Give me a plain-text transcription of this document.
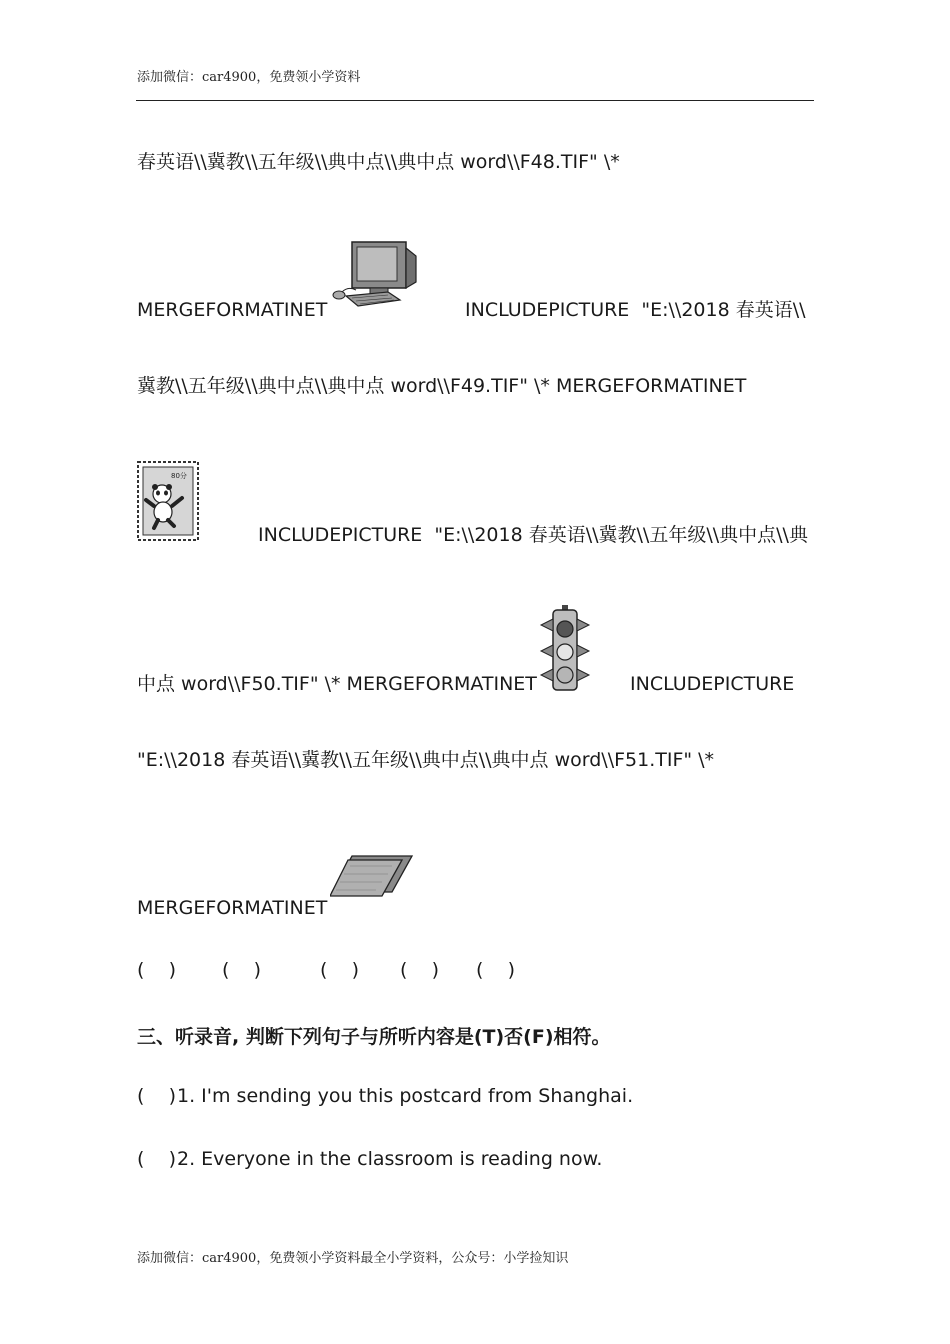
添加微信：car4900，免费领小学资料
春英语\\冀教\\五年级\\典中点\\典中点 word\\F48.TIF" \*
MERGEFORMATINET	INCLUDEPICTURE  "E:\\2018 春英语\\
冀教\\五年级\\典中点\\典中点 word\\F49.TIF" \* MERGEFORMATINET
80分
INCLUDEPICTURE  "E:\\2018 春英语\\冀教\\五年级\\典中点\\典
中点 word\\F50.TIF" \* MERGEFORMATINET	INCLUDEPICTURE
"E:\\2018 春英语\\冀教\\五年级\\典中点\\典中点 word\\F51.TIF" \*
MERGEFORMATINET
(    ) (    )	(    ) (    ) (    )
三、听录音, 判断下列句子与所听内容是(T)否(F)相符。
(    ) 1. I'm sending you this postcard from Shanghai.
(    ) 2. Everyone in the classroom is reading now.
添加微信：car4900，免费领小学资料最全小学资料，公众号：小学捡知识
